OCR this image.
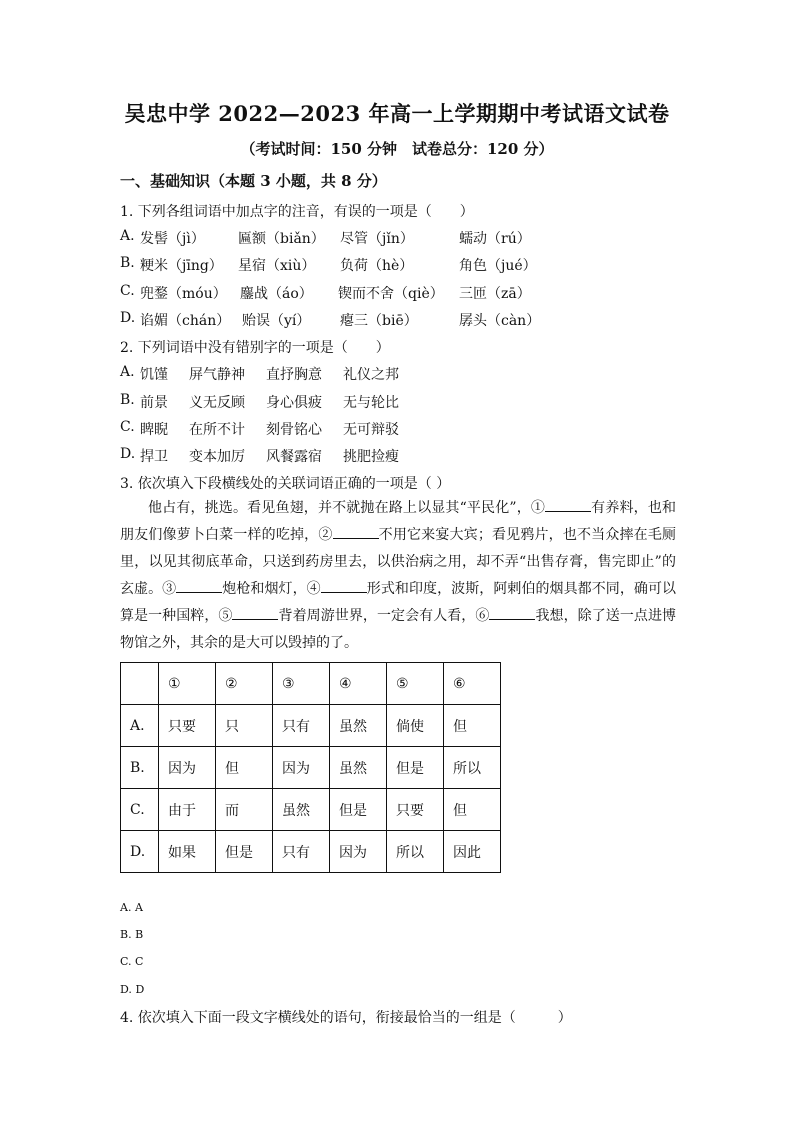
吴忠中学 2022—2023 年高一上学期期中考试语文试卷
（考试时间：150 分钟　试卷总分：120 分）
一、基础知识（本题 3 小题，共 8 分）
1. 下列各组词语中加点字的注音，有误的一项是（　　）
A. 发髻（jì） 匾额（biǎn） 尽管（jǐn）	蠕动（rú）
B. 粳米（jīng） 星宿（xiù） 负荷（hè）	角色（jué）
C. 兜鍪（móu） 鏖战（áo） 锲而不舍（qiè） 三匝（zā）
D. 谄媚（chán） 贻误（yí） 瘪三（biē）	孱头（càn）
2. 下列词语中没有错别字的一项是（　　）
A. 饥馑 屏气静神 直抒胸意 礼仪之邦
B. 前景 义无反顾 身心俱疲 无与轮比
C. 睥睨 在所不计 刻骨铭心 无可辩驳
D. 捍卫 变本加厉 风餐露宿 挑肥捡瘦
3. 依次填入下段横线处的关联词语正确的一项是（ ）
他占有，挑选。看见鱼翅，并不就抛在路上以显其“平民化”，①	有养料，也和朋友们像萝卜白菜一样的吃掉，②	不用它来宴大宾；看见鸦片，也不当众摔在毛厕里，以见其彻底革命，只送到药房里去，以供治病之用，却不弄“出售存膏，售完即止”的玄虚。③	炮枪和烟灯，④	形式和印度，波斯，阿剌伯的烟具都不同，确可以算是一种国粹，⑤	背着周游世界，一定会有人看，⑥	我想，除了送一点进博物馆之外，其余的是大可以毁掉的了。
	①	②	③	④	⑤	⑥
A.	只要	只	只有	虽然	倘使	但
B.	因为	但	因为	虽然	但是	所以
C.	由于	而	虽然	但是	只要	但
D.	如果	但是	只有	因为	所以	因此
A. A
B. B
C. C
D. D
4. 依次填入下面一段文字横线处的语句，衔接最恰当的一组是（　　　）
